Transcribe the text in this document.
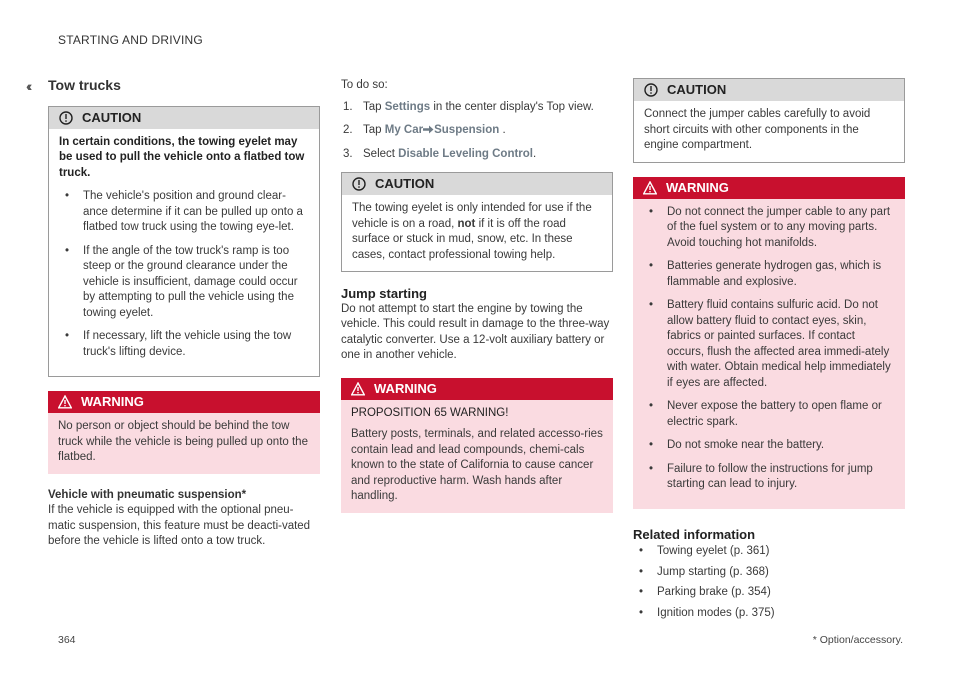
STARTING AND DRIVING
‹‹ Tow trucks
CAUTION
In certain conditions, the towing eyelet may be used to pull the vehicle onto a flatbed tow truck.
• The vehicle's position and ground clear-ance determine if it can be pulled up onto a flatbed tow truck using the towing eye-let.
• If the angle of the tow truck's ramp is too steep or the ground clearance under the vehicle is insufficient, damage could occur by attempting to pull the vehicle using the towing eyelet.
• If necessary, lift the vehicle using the tow truck's lifting device.
WARNING
No person or object should be behind the tow truck while the vehicle is being pulled up onto the flatbed.
Vehicle with pneumatic suspension*
If the vehicle is equipped with the optional pneu-matic suspension, this feature must be deacti-vated before the vehicle is lifted onto a tow truck.
To do so:
1. Tap Settings in the center display's Top view.
2. Tap My Car Suspension .
3. Select Disable Leveling Control.
CAUTION
The towing eyelet is only intended for use if the vehicle is on a road, not if it is off the road surface or stuck in mud, snow, etc. In these cases, contact professional towing help.
Jump starting
Do not attempt to start the engine by towing the vehicle. This could result in damage to the three-way catalytic converter. Use a 12-volt auxiliary battery or one in another vehicle.
WARNING
PROPOSITION 65 WARNING!
Battery posts, terminals, and related accesso-ries contain lead and lead compounds, chemi-cals known to the state of California to cause cancer and reproductive harm. Wash hands after handling.
CAUTION
Connect the jumper cables carefully to avoid short circuits with other components in the engine compartment.
WARNING
• Do not connect the jumper cable to any part of the fuel system or to any moving parts. Avoid touching hot manifolds.
• Batteries generate hydrogen gas, which is flammable and explosive.
• Battery fluid contains sulfuric acid. Do not allow battery fluid to contact eyes, skin, fabrics or painted surfaces. If contact occurs, flush the affected area immedi-ately with water. Obtain medical help immediately if eyes are affected.
• Never expose the battery to open flame or electric spark.
• Do not smoke near the battery.
• Failure to follow the instructions for jump starting can lead to injury.
Related information
• Towing eyelet (p. 361)
• Jump starting (p. 368)
• Parking brake (p. 354)
• Ignition modes (p. 375)
364	* Option/accessory.
